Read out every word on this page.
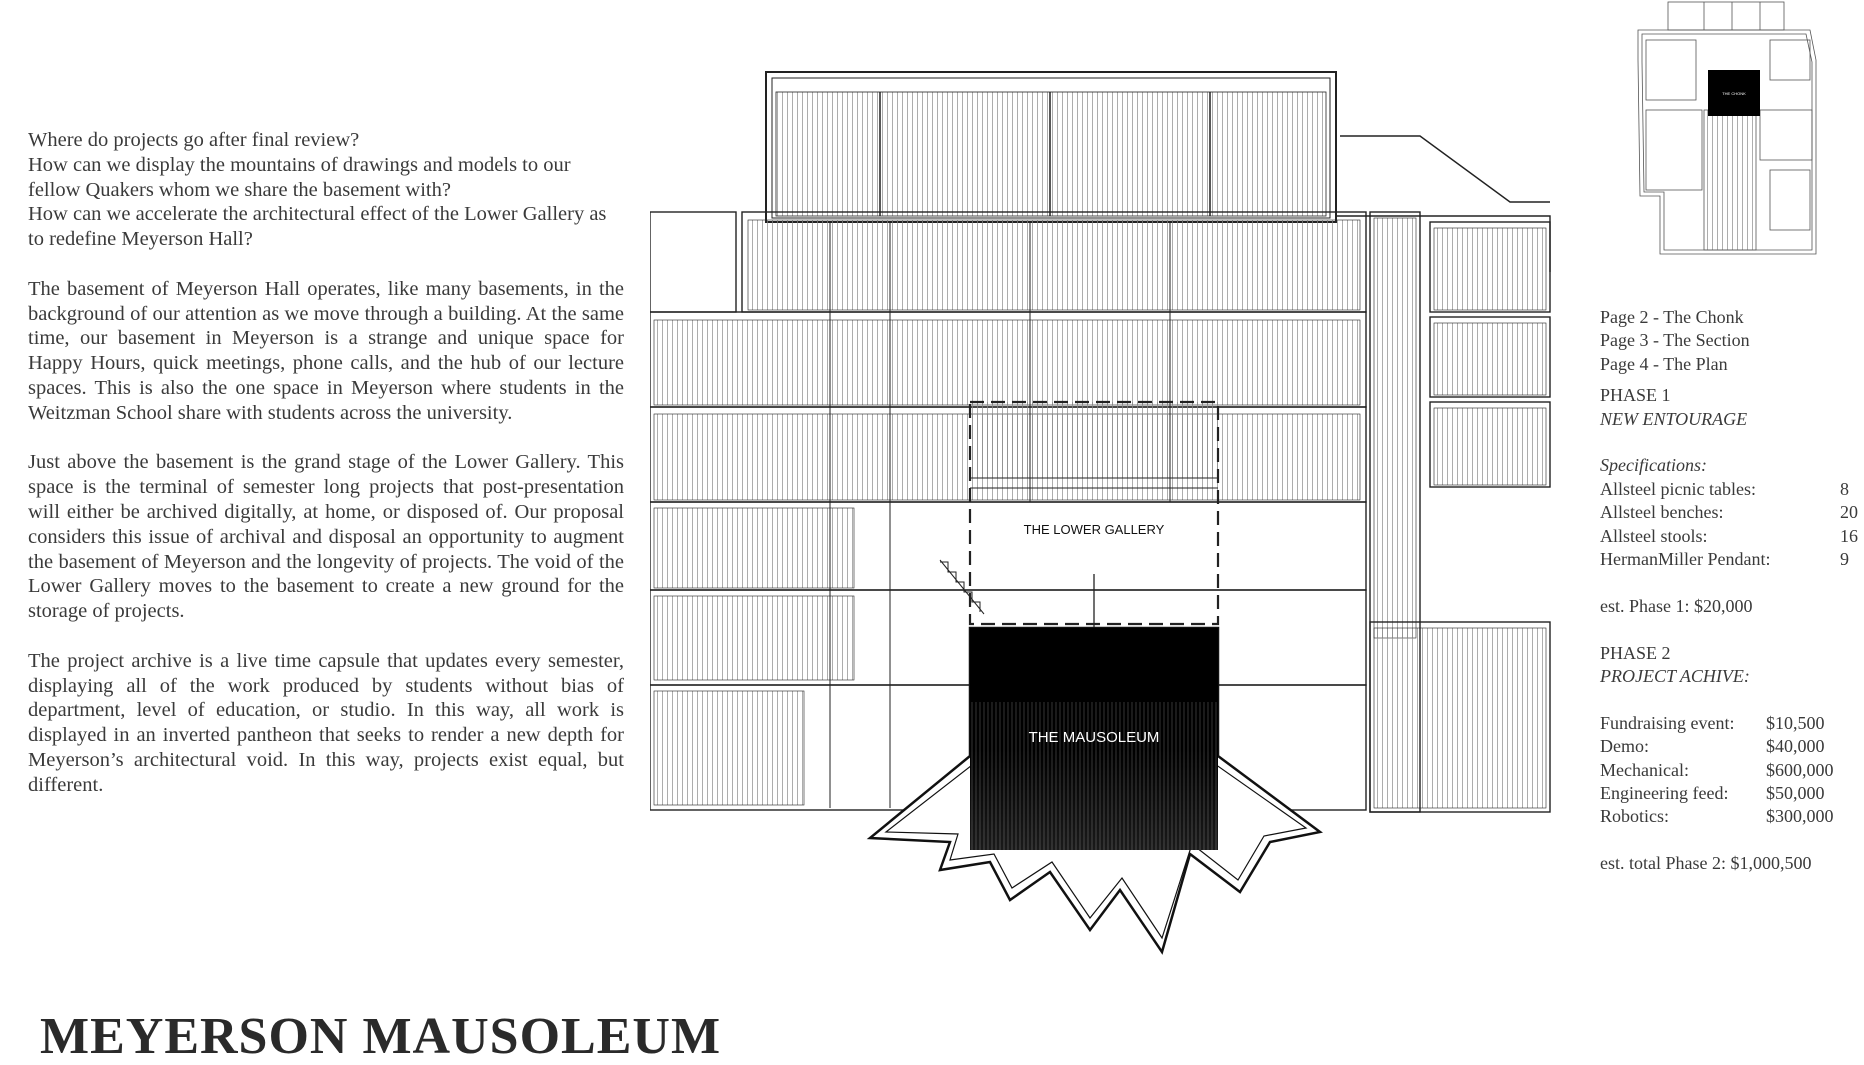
Where do projects go after final review?
How can we display the mountains of drawings and models to our fellow Quakers whom we share the basement with?
How can we accelerate the architectural effect of the Lower Gallery as to redefine Meyerson Hall?

The basement of Meyerson Hall operates, like many basements, in the background of our attention as we move through a building. At the same time, our basement in Meyerson is a strange and unique space for Happy Hours, quick meetings, phone calls, and the hub of our lecture spaces. This is also the one space in Meyerson where students in the Weitzman School share with students across the university.

Just above the basement is the grand stage of the Lower Gallery. This space is the terminal of semester long projects that post-presentation will either be archived digitally, at home, or disposed of. Our proposal considers this issue of archival and disposal an opportunity to augment the basement of Meyerson and the longevity of projects. The void of the Lower Gallery moves to the basement to create a new ground for the storage of projects.

The project archive is a live time capsule that updates every semester, displaying all of the work produced by students without bias of department, level of education, or studio. In this way, all work is displayed in an inverted pantheon that seeks to render a new depth for Meyerson’s architectural void. In this way, projects exist equal, but different.

MEYERSON MAUSOLEUM
THE LOWER GALLERY
THE MAUSOLEUM
THE CHONK
Page 2 - The Chonk
Page 3 - The Section
Page 4 - The Plan
PHASE 1
NEW ENTOURAGE
Specifications:
Allsteel picnic tables:	8
Allsteel benches:	20
Allsteel stools:	16
HermanMiller Pendant:	9
est. Phase 1: $20,000
PHASE 2
PROJECT ACHIVE:
Fundraising event:	$10,500
Demo:	$40,000
Mechanical:	$600,000
Engineering feed:	$50,000
Robotics:	$300,000
est. total Phase 2: $1,000,500
